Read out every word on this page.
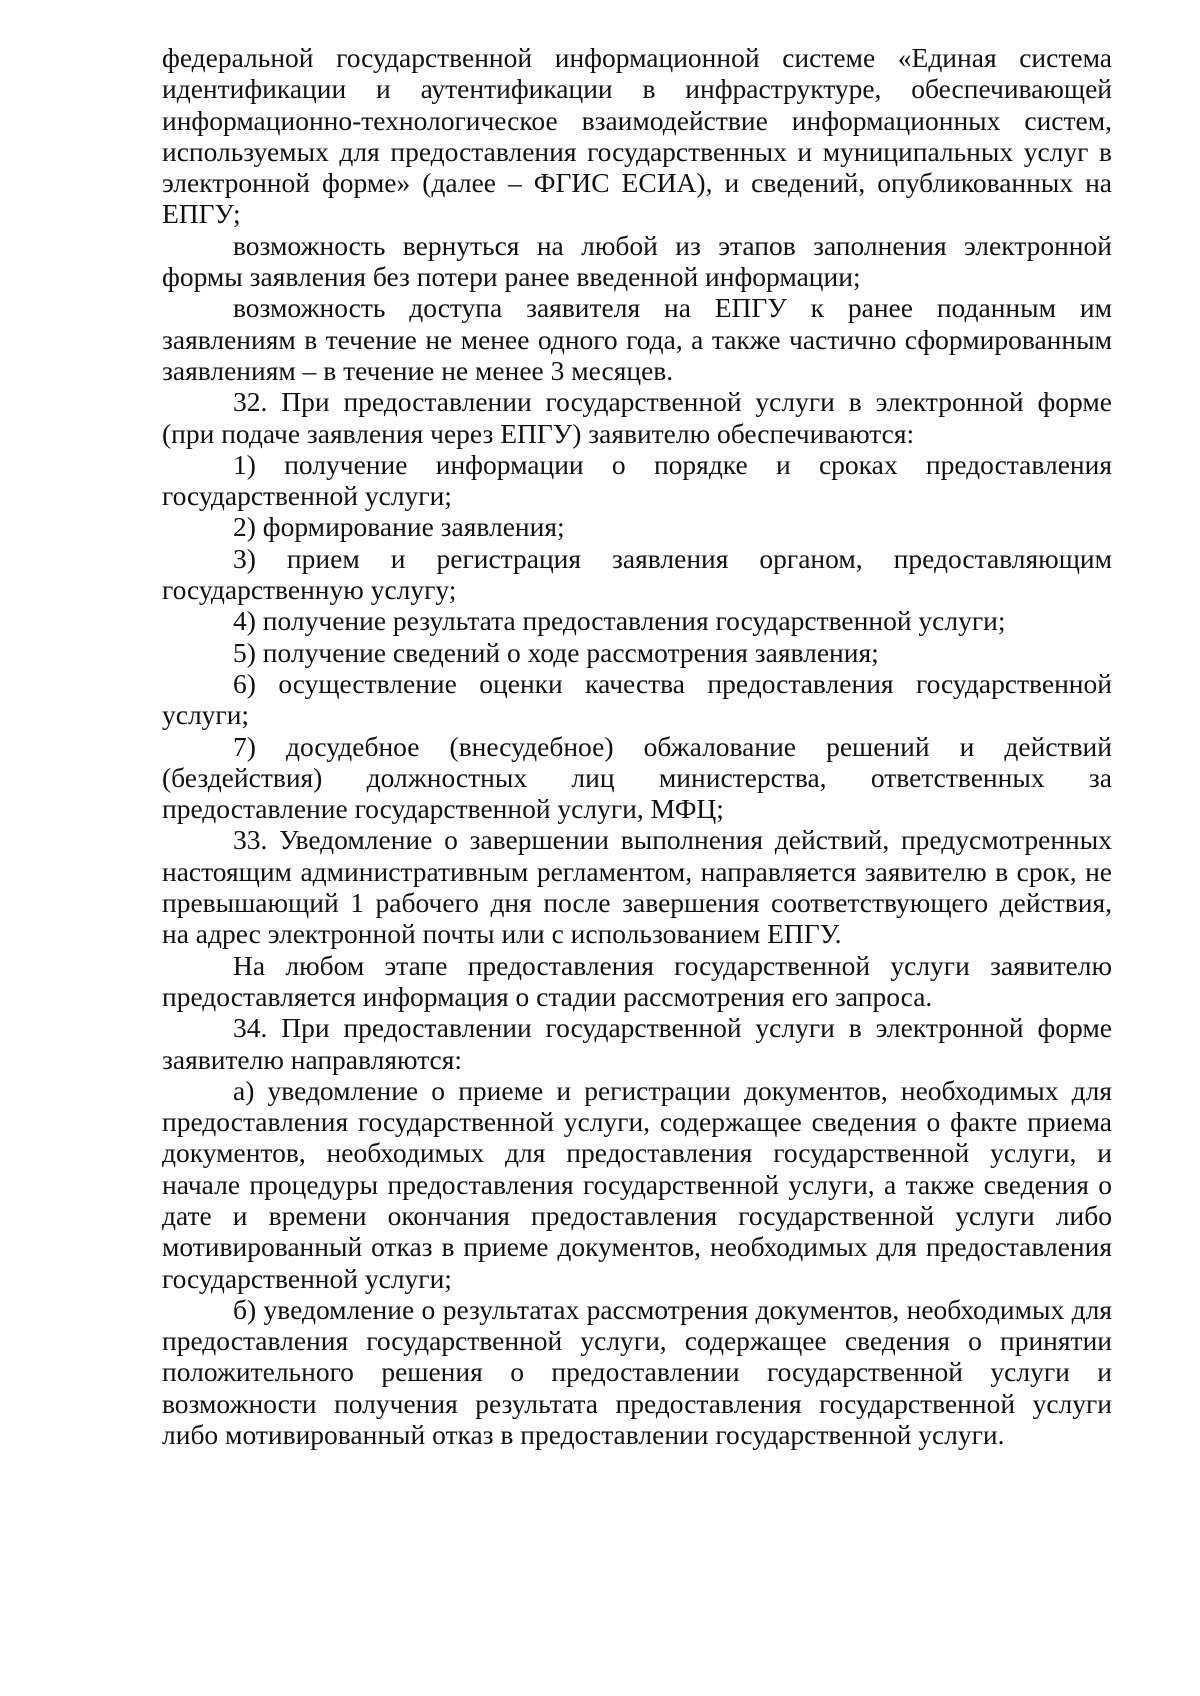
федеральной государственной информационной системе «Единая система идентификации и аутентификации в инфраструктуре, обеспечивающей информационно-технологическое взаимодействие информационных систем, используемых для предоставления государственных и муниципальных услуг в электронной форме» (далее – ФГИС ЕСИА), и сведений, опубликованных на ЕПГУ;

возможность вернуться на любой из этапов заполнения электронной формы заявления без потери ранее введенной информации;

возможность доступа заявителя на ЕПГУ к ранее поданным им заявлениям в течение не менее одного года, а также частично сформированным заявлениям – в течение не менее 3 месяцев.

32. При предоставлении государственной услуги в электронной форме (при подаче заявления через ЕПГУ) заявителю обеспечиваются:

1) получение информации о порядке и сроках предоставления государственной услуги;

2) формирование заявления;

3) прием и регистрация заявления органом, предоставляющим государственную услугу;

4) получение результата предоставления государственной услуги;

5) получение сведений о ходе рассмотрения заявления;

6) осуществление оценки качества предоставления государственной услуги;

7) досудебное (внесудебное) обжалование решений и действий (бездействия) должностных лиц министерства, ответственных за предоставление государственной услуги, МФЦ;

33. Уведомление о завершении выполнения действий, предусмотренных настоящим административным регламентом, направляется заявителю в срок, не превышающий 1 рабочего дня после завершения соответствующего действия, на адрес электронной почты или с использованием ЕПГУ.

На любом этапе предоставления государственной услуги заявителю предоставляется информация о стадии рассмотрения его запроса.

34. При предоставлении государственной услуги в электронной форме заявителю направляются:

а) уведомление о приеме и регистрации документов, необходимых для предоставления государственной услуги, содержащее сведения о факте приема документов, необходимых для предоставления государственной услуги, и начале процедуры предоставления государственной услуги, а также сведения о дате и времени окончания предоставления государственной услуги либо мотивированный отказ в приеме документов, необходимых для предоставления государственной услуги;

б) уведомление о результатах рассмотрения документов, необходимых для предоставления государственной услуги, содержащее сведения о принятии положительного решения о предоставлении государственной услуги и возможности получения результата предоставления государственной услуги либо мотивированный отказ в предоставлении государственной услуги.
